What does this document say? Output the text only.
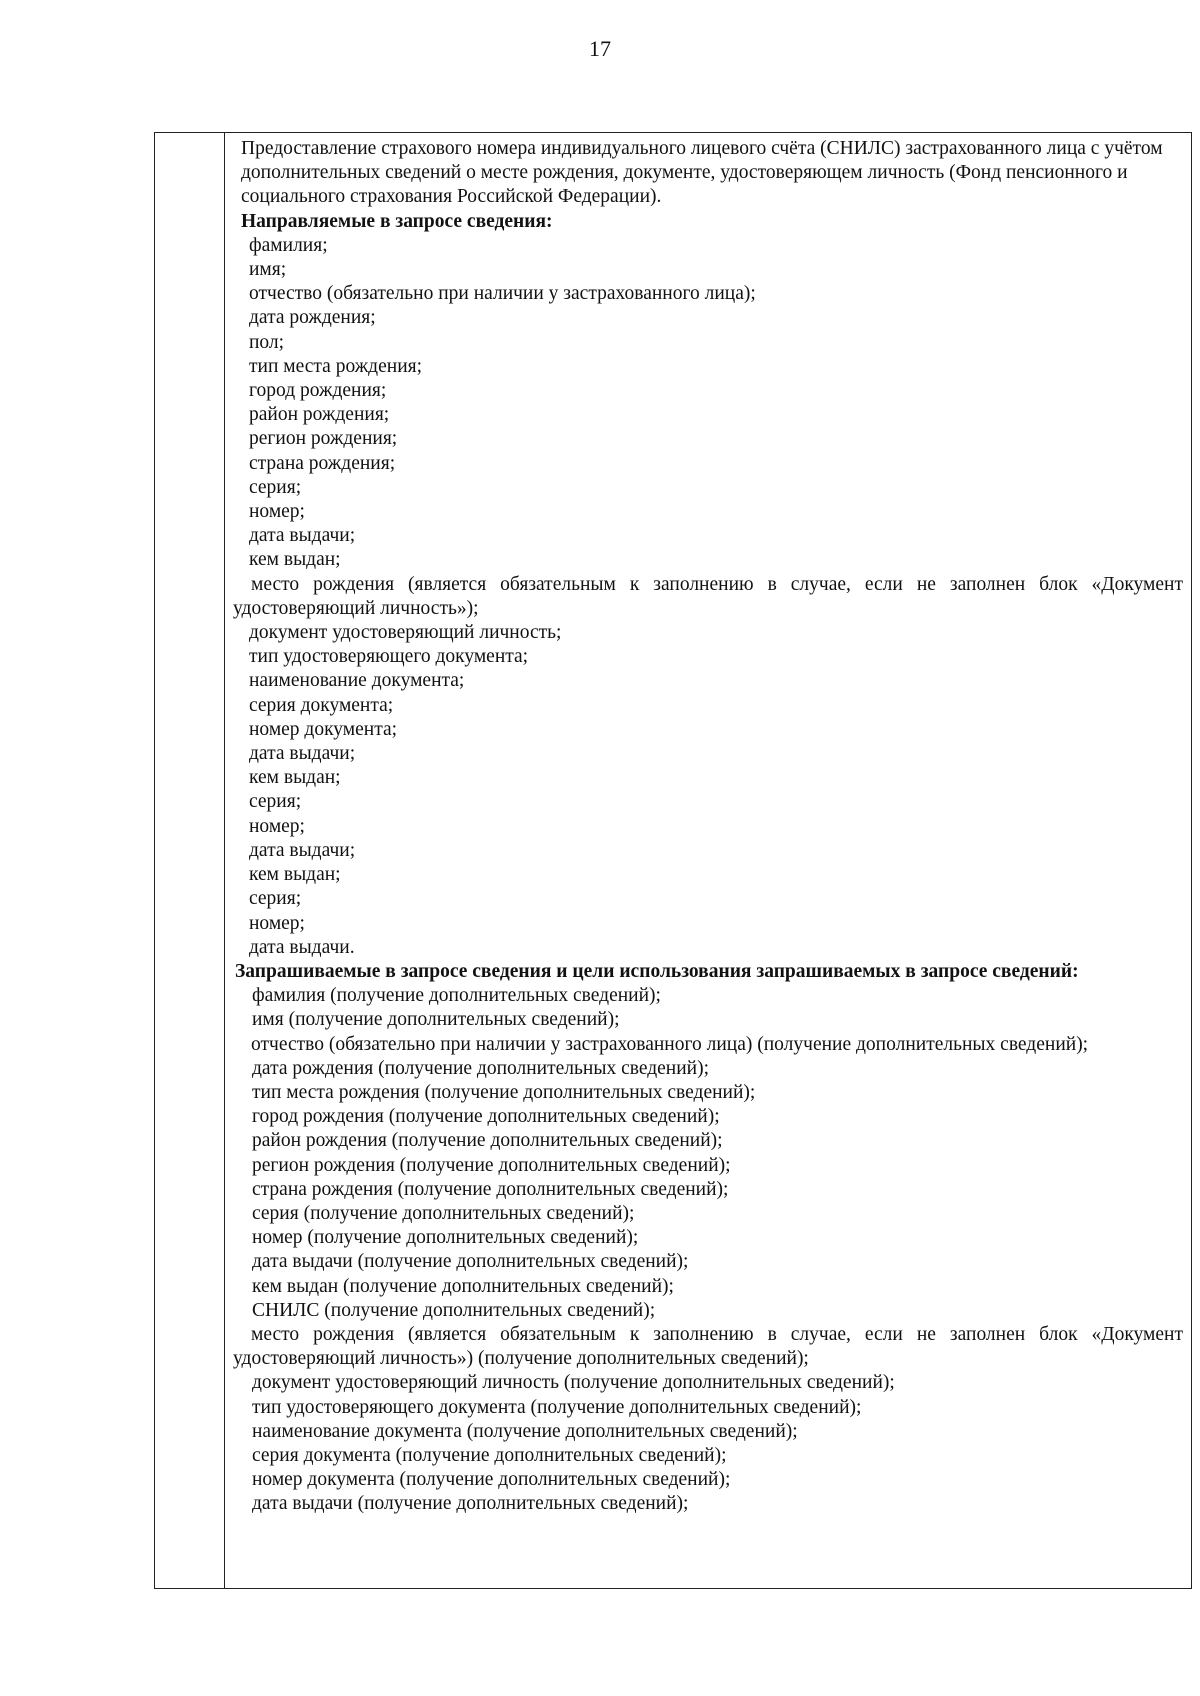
17

Предоставление страхового номера индивидуального лицевого счёта (СНИЛС) застрахованного лица с учётом дополнительных сведений о месте рождения, документе, удостоверяющем личность (Фонд пенсионного и социального страхования Российской Федерации).

Направляемые в запросе сведения:

фамилия;

имя;

отчество (обязательно при наличии у застрахованного лица);

дата рождения;

пол;

тип места рождения;

город рождения;

район рождения;

регион рождения;

страна рождения;

серия;

номер;

дата выдачи;

кем выдан;

место рождения (является обязательным к заполнению в случае, если не заполнен блок «Документ удостоверяющий личность»);

документ удостоверяющий личность;

тип удостоверяющего документа;

наименование документа;

серия документа;

номер документа;

дата выдачи;

кем выдан;

серия;

номер;

дата выдачи;

кем выдан;

серия;

номер;

дата выдачи.

Запрашиваемые в запросе сведения и цели использования запрашиваемых в запросе сведений:

фамилия (получение дополнительных сведений);

имя (получение дополнительных сведений);

отчество (обязательно при наличии у застрахованного лица) (получение дополнительных сведений);

дата рождения (получение дополнительных сведений);

тип места рождения (получение дополнительных сведений);

город рождения (получение дополнительных сведений);

район рождения (получение дополнительных сведений);

регион рождения (получение дополнительных сведений);

страна рождения (получение дополнительных сведений);

серия (получение дополнительных сведений);

номер (получение дополнительных сведений);

дата выдачи (получение дополнительных сведений);

кем выдан (получение дополнительных сведений);

СНИЛС (получение дополнительных сведений);

место рождения (является обязательным к заполнению в случае, если не заполнен блок «Документ удостоверяющий личность») (получение дополнительных сведений);

документ удостоверяющий личность (получение дополнительных сведений);

тип удостоверяющего документа (получение дополнительных сведений);

наименование документа (получение дополнительных сведений);

серия документа (получение дополнительных сведений);

номер документа (получение дополнительных сведений);

дата выдачи (получение дополнительных сведений);
